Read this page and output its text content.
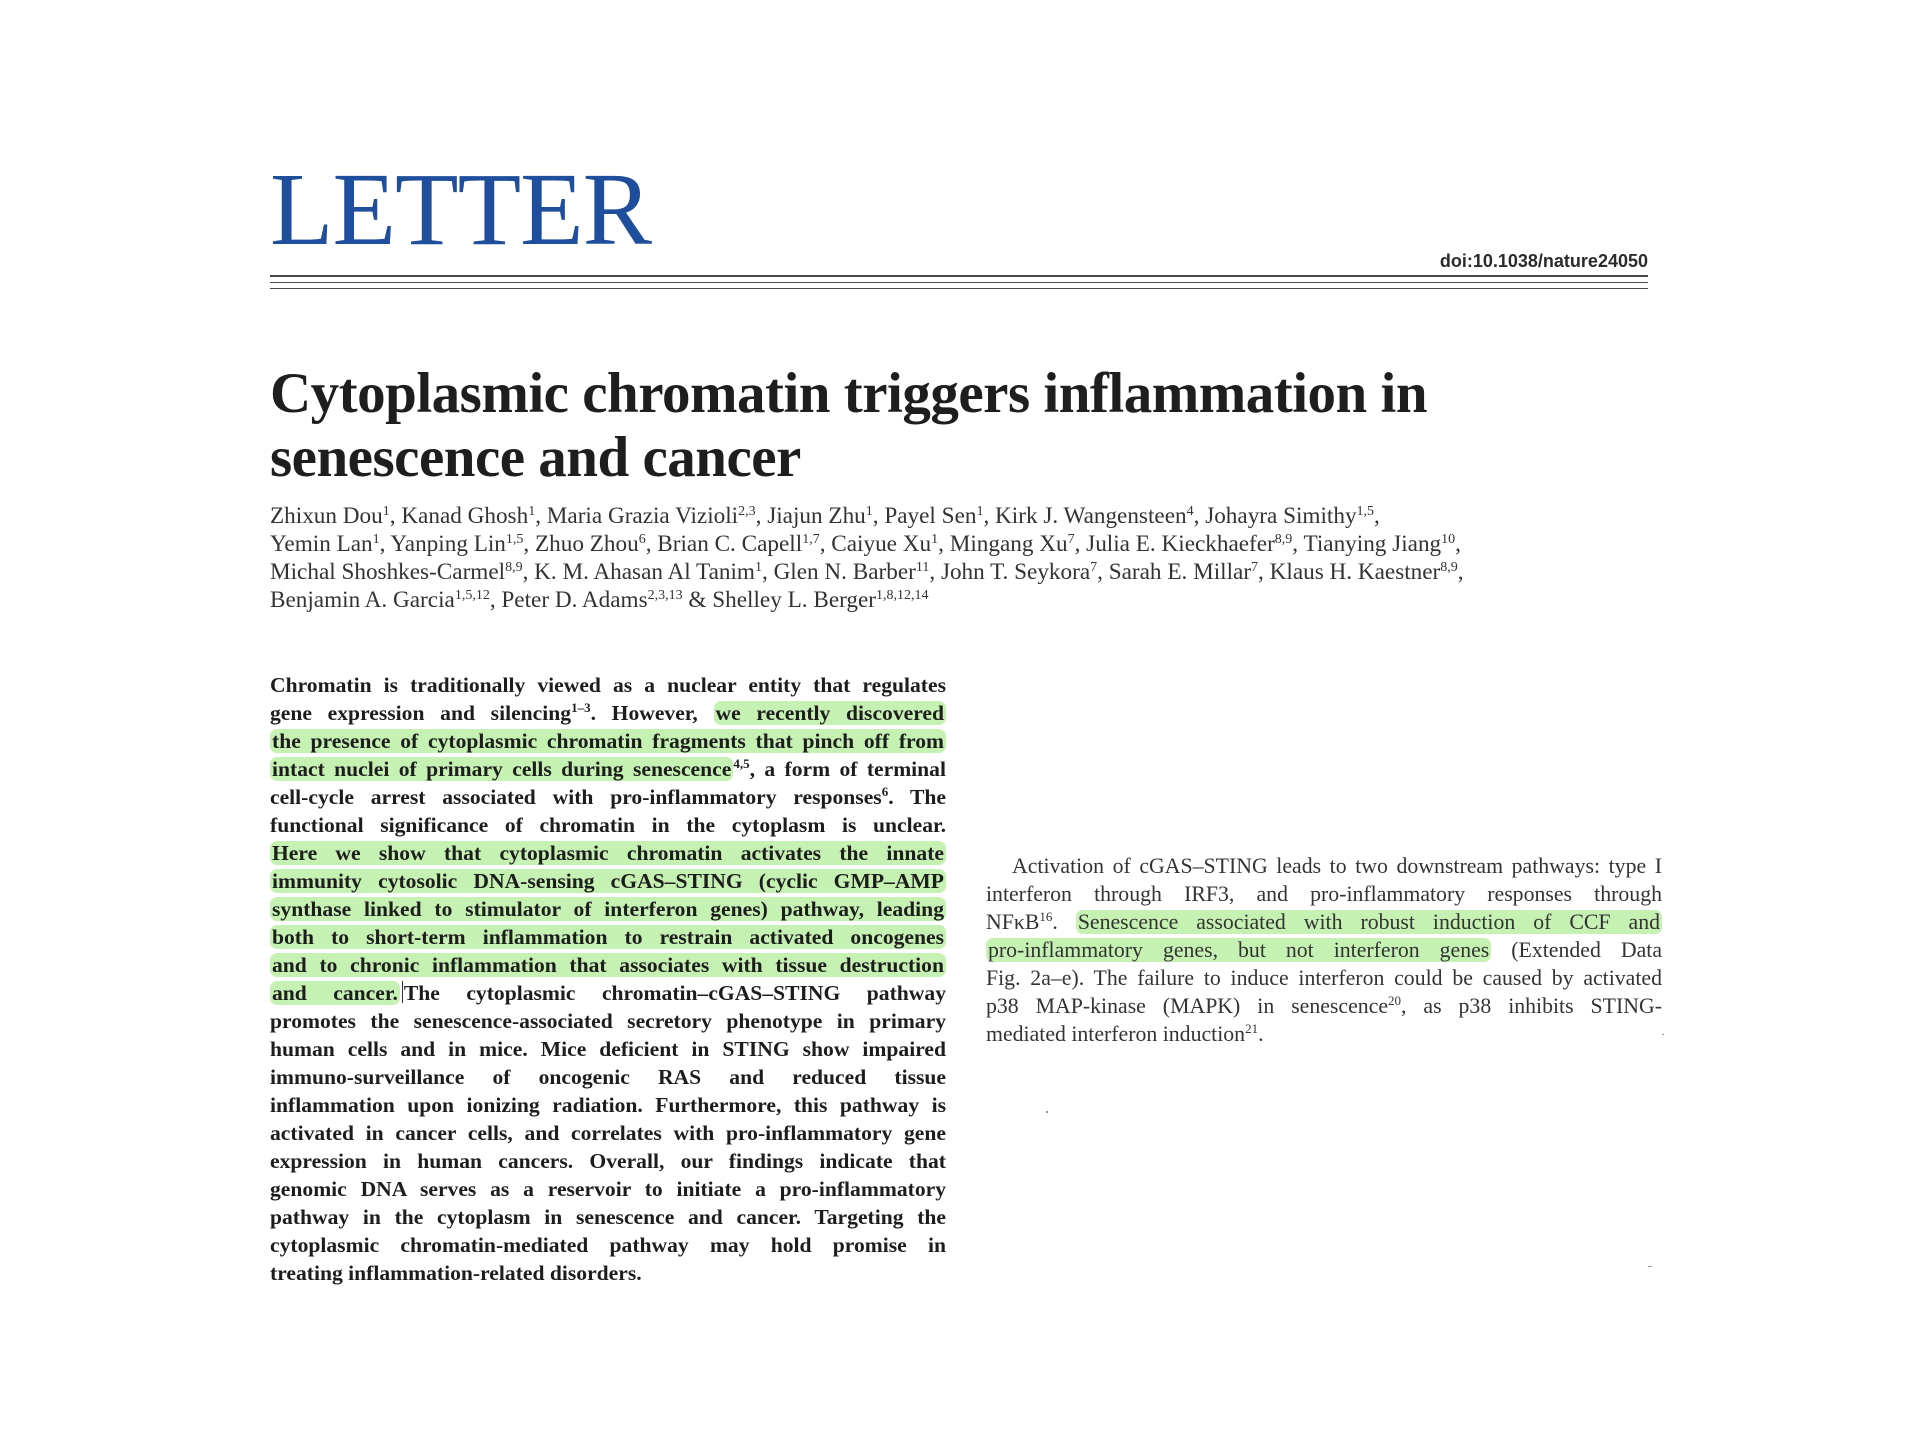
LETTER	doi:10.1038/nature24050
Cytoplasmic chromatin triggers inflammation in
senescence and cancer
Zhixun Dou$^1$, Kanad Ghosh$^1$, Maria Grazia Vizioli$^{2,3}$, Jiajun Zhu$^1$, Payel Sen$^1$, Kirk J. Wangensteen$^4$, Johayra Simithy$^{1,5}$,
Yemin Lan$^1$, Yanping Lin$^{1,5}$, Zhuo Zhou$^6$, Brian C. Capell$^{1,7}$, Caiyue Xu$^1$, Mingang Xu$^7$, Julia E. Kieckhaefer$^{8,9}$, Tianying Jiang$^{10}$,
Michal Shoshkes-Carmel$^{8,9}$, K. M. Ahasan Al Tanim$^1$, Glen N. Barber$^{11}$, John T. Seykora$^7$, Sarah E. Millar$^7$, Klaus H. Kaestner$^{8,9}$,
Benjamin A. Garcia$^{1,5,12}$, Peter D. Adams$^{2,3,13}$ & Shelley L. Berger$^{1,8,12,14}$
Chromatin is traditionally viewed as a nuclear entity that regulates
gene expression and silencing$^{1-3}$. However, we recently discovered
the presence of cytoplasmic chromatin fragments that pinch off from
intact nuclei of primary cells during senescence $^{4,5}$, a form of terminal
cell-cycle arrest associated with pro-inflammatory responses$^6$. The
functional significance of chromatin in the cytoplasm is unclear.
Here we show that cytoplasmic chromatin activates the innate
immunity cytosolic DNA-sensing cGAS–STING (cyclic GMP–AMP
synthase linked to stimulator of interferon genes) pathway, leading
both to short-term inflammation to restrain activated oncogenes
and to chronic inflammation that associates with tissue destruction
and cancer. The cytoplasmic chromatin–cGAS–STING pathway
promotes the senescence-associated secretory phenotype in primary
human cells and in mice. Mice deficient in STING show impaired
immuno-surveillance of oncogenic RAS and reduced tissue
inflammation upon ionizing radiation. Furthermore, this pathway is
activated in cancer cells, and correlates with pro-inflammatory gene
expression in human cancers. Overall, our findings indicate that
genomic DNA serves as a reservoir to initiate a pro-inflammatory
pathway in the cytoplasm in senescence and cancer. Targeting the
cytoplasmic chromatin-mediated pathway may hold promise in
treating inflammation-related disorders.
Activation of cGAS–STING leads to two downstream pathways: type I
interferon through IRF3, and pro-inflammatory responses through
NFκB$^{16}$. Senescence associated with robust induction of CCF and
pro-inflammatory genes, but not interferon genes (Extended Data
Fig. 2a–e). The failure to induce interferon could be caused by activated
p38 MAP-kinase (MAPK) in senescence$^{20}$, as p38 inhibits STING-
mediated interferon induction$^{21}$.
